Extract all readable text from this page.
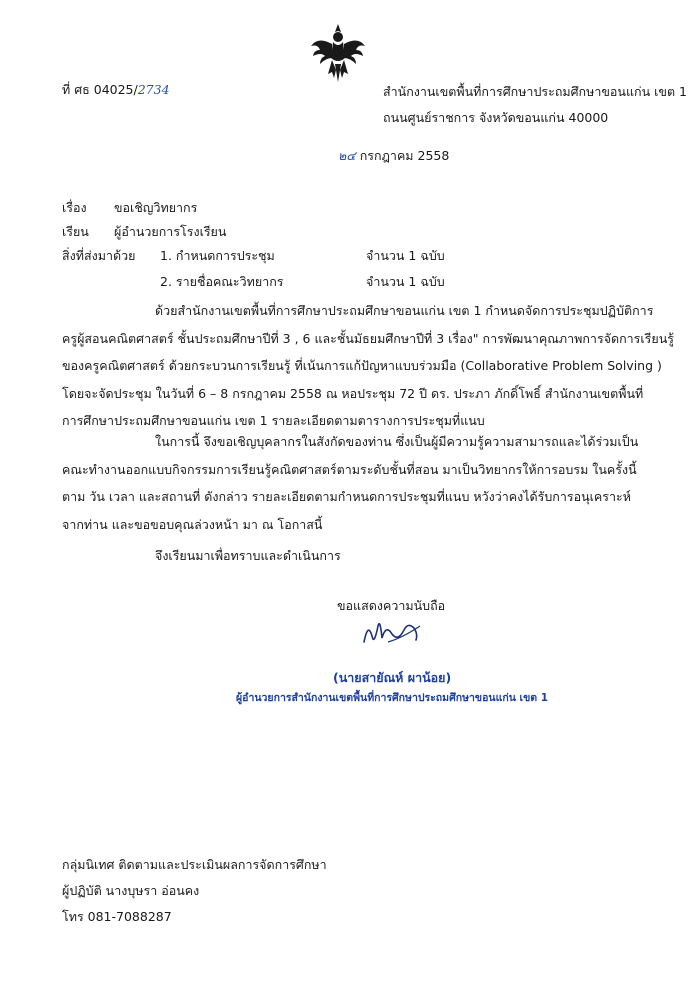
ที่ ศธ 04025/2734	สำนักงานเขตพื้นที่การศึกษาประถมศึกษาขอนแก่น เขต 1
ถนนศูนย์ราชการ จังหวัดขอนแก่น 40000
๒๔ กรกฎาคม 2558
เรื่อง ขอเชิญวิทยากร
เรียน ผู้อำนวยการโรงเรียน
สิ่งที่ส่งมาด้วย 1. กำหนดการประชุม	จำนวน 1 ฉบับ
2. รายชื่อคณะวิทยากร	จำนวน 1 ฉบับ
ด้วยสำนักงานเขตพื้นที่การศึกษาประถมศึกษาขอนแก่น เขต 1 กำหนดจัดการประชุมปฏิบัติการ
ครูผู้สอนคณิตศาสตร์ ชั้นประถมศึกษาปีที่ 3 , 6 และชั้นมัธยมศึกษาปีที่ 3 เรื่อง" การพัฒนาคุณภาพการจัดการเรียนรู้
ของครูคณิตศาสตร์ ด้วยกระบวนการเรียนรู้ ที่เน้นการแก้ปัญหาแบบร่วมมือ (Collaborative Problem Solving )
โดยจะจัดประชุม ในวันที่ 6 – 8 กรกฎาคม 2558 ณ หอประชุม 72 ปี ดร. ประภา ภักดิ์โพธิ์ สำนักงานเขตพื้นที่
การศึกษาประถมศึกษาขอนแก่น เขต 1 รายละเอียดตามตารางการประชุมที่แนบ
ในการนี้ จึงขอเชิญบุคลากรในสังกัดของท่าน ซึ่งเป็นผู้มีความรู้ความสามารถและได้ร่วมเป็น
คณะทำงานออกแบบกิจกรรมการเรียนรู้คณิตศาสตร์ตามระดับชั้นที่สอน มาเป็นวิทยากรให้การอบรม ในครั้งนี้
ตาม วัน เวลา และสถานที่ ดังกล่าว รายละเอียดตามกำหนดการประชุมที่แนบ หวังว่าคงได้รับการอนุเคราะห์
จากท่าน และขอขอบคุณล่วงหน้า มา ณ โอกาสนี้
จึงเรียนมาเพื่อทราบและดำเนินการ
ขอแสดงความนับถือ
(นายสายัณห์ ผาน้อย)
ผู้อำนวยการสำนักงานเขตพื้นที่การศึกษาประถมศึกษาขอนแก่น เขต 1
กลุ่มนิเทศ ติดตามและประเมินผลการจัดการศึกษา
ผู้ปฏิบัติ นางบุษรา อ่อนคง
โทร 081-7088287
